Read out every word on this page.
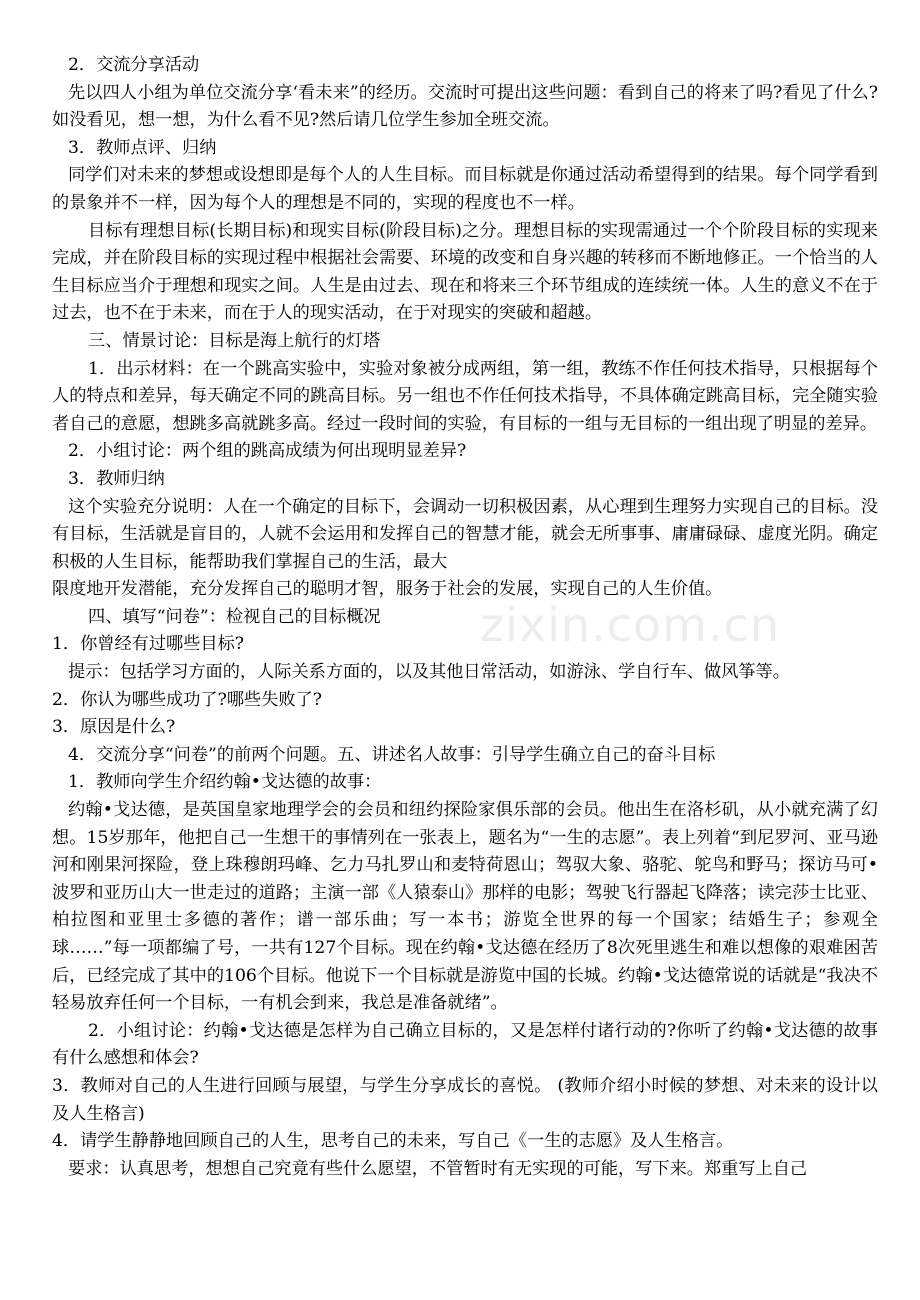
zixin.com.cn

2．交流分享活动

先以四人小组为单位交流分享‘看未来”的经历。交流时可提出这些问题：看到自己的将来了吗?看见了什么?如没看见，想一想，为什么看不见?然后请几位学生参加全班交流。

3．教师点评、归纳

同学们对未来的梦想或设想即是每个人的人生目标。而目标就是你通过活动希望得到的结果。每个同学看到的景象并不一样，因为每个人的理想是不同的，实现的程度也不一样。

目标有理想目标(长期目标)和现实目标(阶段目标)之分。理想目标的实现需通过一个个阶段目标的实现来完成，并在阶段目标的实现过程中根据社会需要、环境的改变和自身兴趣的转移而不断地修正。一个恰当的人生目标应当介于理想和现实之间。人生是由过去、现在和将来三个环节组成的连续统一体。人生的意义不在于过去，也不在于未来，而在于人的现实活动，在于对现实的突破和超越。

三、情景讨论：目标是海上航行的灯塔

1．出示材料：在一个跳高实验中，实验对象被分成两组，第一组，教练不作任何技术指导，只根据每个人的特点和差异，每天确定不同的跳高目标。另一组也不作任何技术指导，不具体确定跳高目标，完全随实验者自己的意愿，想跳多高就跳多高。经过一段时间的实验，有目标的一组与无目标的一组出现了明显的差异。

2．小组讨论：两个组的跳高成绩为何出现明显差异?

3．教师归纳

这个实验充分说明：人在一个确定的目标下，会调动一切积极因素，从心理到生理努力实现自己的目标。没有目标，生活就是盲目的，人就不会运用和发挥自己的智慧才能，就会无所事事、庸庸碌碌、虚度光阴。确定积极的人生目标，能帮助我们掌握自己的生活，最大

限度地开发潜能，充分发挥自己的聪明才智，服务于社会的发展，实现自己的人生价值。

四、填写“问卷”：检视自己的目标概况

1．你曾经有过哪些目标?

提示：包括学习方面的，人际关系方面的，以及其他日常活动，如游泳、学自行车、做风筝等。

2．你认为哪些成功了?哪些失败了?

3．原因是什么?

4．交流分享“问卷”的前两个问题。五、讲述名人故事：引导学生确立自己的奋斗目标

1．教师向学生介绍约翰•戈达德的故事：

约翰•戈达德，是英国皇家地理学会的会员和纽约探险家俱乐部的会员。他出生在洛杉矶，从小就充满了幻想。15岁那年，他把自己一生想干的事情列在一张表上，题名为“一生的志愿”。表上列着“到尼罗河、亚马逊河和刚果河探险，登上珠穆朗玛峰、乞力马扎罗山和麦特荷恩山；驾驭大象、骆驼、鸵鸟和野马；探访马可•波罗和亚历山大一世走过的道路；主演一部《人猿泰山》那样的电影；驾驶飞行器起飞降落；读完莎士比亚、柏拉图和亚里士多德的著作；谱一部乐曲；写一本书；游览全世界的每一个国家；结婚生子；参观全球……”每一项都编了号，一共有127个目标。现在约翰•戈达德在经历了8次死里逃生和难以想像的艰难困苦后，已经完成了其中的106个目标。他说下一个目标就是游览中国的长城。约翰•戈达德常说的话就是“我决不轻易放弃任何一个目标，一有机会到来，我总是准备就绪”。

2．小组讨论：约翰•戈达德是怎样为自己确立目标的，又是怎样付诸行动的?你听了约翰•戈达德的故事有什么感想和体会?

3．教师对自己的人生进行回顾与展望，与学生分享成长的喜悦。 (教师介绍小时候的梦想、对未来的设计以及人生格言)

4．请学生静静地回顾自己的人生，思考自己的未来，写自己《一生的志愿》及人生格言。

要求：认真思考，想想自己究竟有些什么愿望，不管暂时有无实现的可能，写下来。郑重写上自己
